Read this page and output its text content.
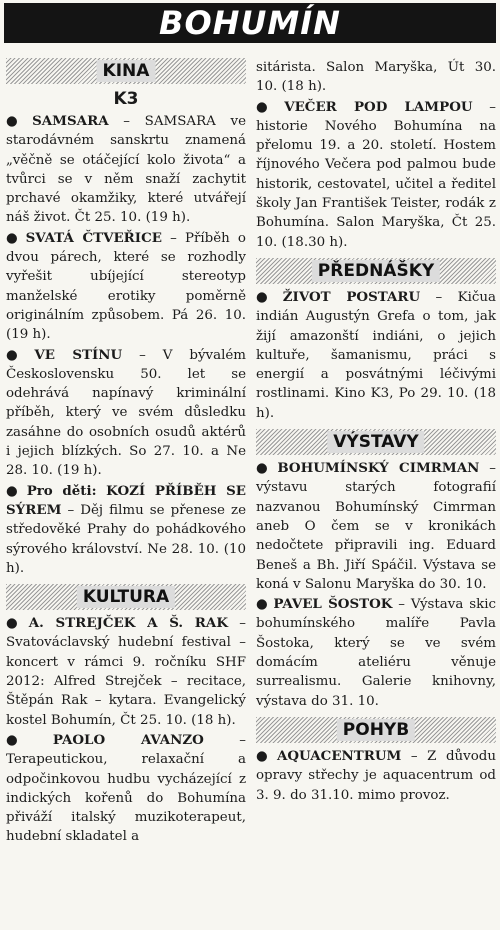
BOHUMÍN
KINA
K3

● SAMSARA – SAMSARA ve starodávném sanskrtu znamená „věčně se otáčející kolo života“ a tvůrci se v něm snaží zachytit prchavé okamžiky, které utvářejí náš život. Čt 25. 10. (19 h).

● SVATÁ ČTVEŘICE – Příběh o dvou párech, které se rozhodly vyřešit ubíjející stereotyp manželské erotiky poměrně originálním způsobem. Pá 26. 10. (19 h).

● VE STÍNU – V bývalém Československu 50. let se odehrává napínavý kriminální příběh, který ve svém důsledku zasáhne do osobních osudů aktérů i jejich blízkých. So 27. 10. a Ne 28. 10. (19 h).

● Pro děti: KOZÍ PŘÍBĚH SE SÝREM – Děj filmu se přenese ze středověké Prahy do pohádkového sýrového království. Ne 28. 10. (10 h).

KULTURA

● A. STREJČEK A Š. RAK – Svatováclavský hudební festival – koncert v rámci 9. ročníku SHF 2012: Alfred Strejček – recitace, Štěpán Rak – kytara. Evangelický kostel Bohumín, Čt 25. 10. (18 h).

● PAOLO AVANZO – Terapeutickou, relaxační a odpočinkovou hudbu vycházející z indických kořenů do Bohumína přiváží italský muzikoterapeut, hudební skladatel a

sitárista. Salon Maryška, Út 30. 10. (18 h).

● VEČER POD LAMPOU – historie Nového Bohumína na přelomu 19. a 20. století. Hostem říjnového Večera pod palmou bude historik, cestovatel, učitel a ředitel školy Jan František Teister, rodák z Bohumína. Salon Maryška, Čt 25. 10. (18.30 h).

PŘEDNÁŠKY

● ŽIVOT POSTARU – Kičua indián Augustýn Grefa o tom, jak žijí amazonští indiáni, o jejich kultuře, šamanismu, práci s energií a posvátnými léčivými rostlinami. Kino K3, Po 29. 10. (18 h).

VÝSTAVY

● BOHUMÍNSKÝ CIMRMAN – výstavu starých fotografií nazvanou Bohumínský Cimrman aneb O čem se v kronikách nedočtete připravili ing. Eduard Beneš a Bh. Jiří Spáčil. Výstava se koná v Salonu Maryška do 30. 10.

● PAVEL ŠOSTOK – Výstava skic bohumínského malíře Pavla Šostoka, který se ve svém domácím ateliéru věnuje surrealismu. Galerie knihovny, výstava do 31. 10.

POHYB

● AQUACENTRUM – Z důvodu opravy střechy je aquacentrum od 3. 9. do 31.10. mimo provoz.
